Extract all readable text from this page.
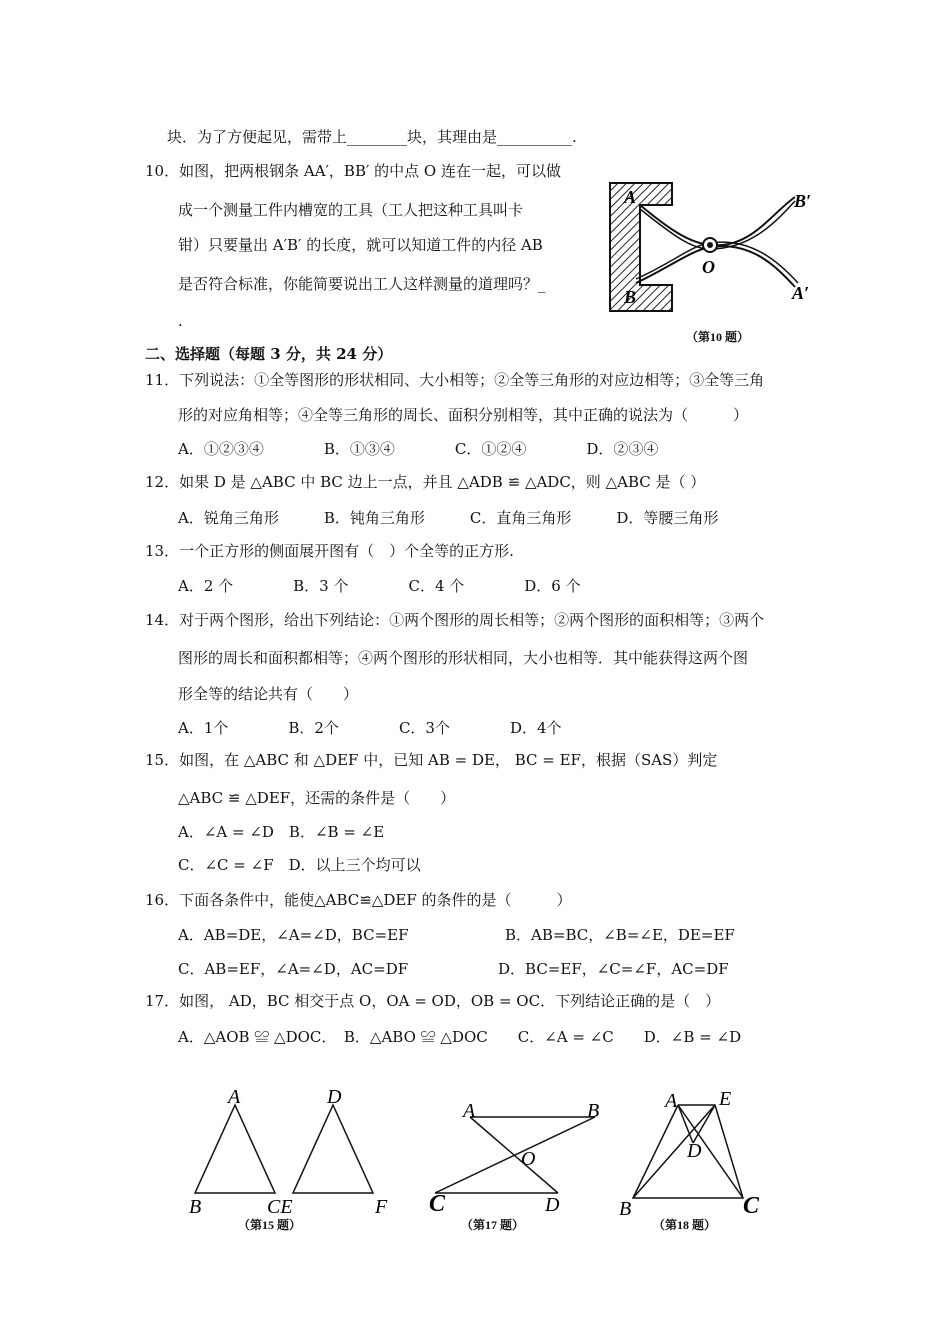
块．为了方便起见，需带上________块，其理由是__________.
10．如图，把两根钢条 AA′，BB′ 的中点 O 连在一起，可以做
成一个测量工件内槽宽的工具（工人把这种工具叫卡
钳）只要量出 A′B′ 的长度，就可以知道工件的内径 AB
是否符合标准，你能简要说出工人这样测量的道理吗？_
.
二、选择题（每题 3 分，共 24 分）
11．下列说法：①全等图形的形状相同、大小相等；②全等三角形的对应边相等；③全等三角
形的对应角相等；④全等三角形的周长、面积分别相等，其中正确的说法为（　　　）
A．①②③④　　　　B．①③④　　　　C．①②④　　　　D．②③④
12．如果 D 是 △ABC 中 BC 边上一点，并且 △ADB ≌ △ADC，则 △ABC 是（ ）
A．锐角三角形　　　B．钝角三角形　　　C．直角三角形　　　D．等腰三角形
13．一个正方形的侧面展开图有（　）个全等的正方形.
A．2 个　　　　B．3 个　　　　C．4 个　　　　D．6 个
14．对于两个图形，给出下列结论：①两个图形的周长相等；②两个图形的面积相等；③两个
图形的周长和面积都相等；④两个图形的形状相同，大小也相等．其中能获得这两个图
形全等的结论共有（　　）
A．1个　　　　B．2个　　　　C．3个　　　　D．4个
15．如图，在 △ABC 和 △DEF 中，已知 AB = DE， BC = EF，根据（SAS）判定
△ABC ≌ △DEF，还需的条件是（　　）
A．∠A = ∠D　B．∠B = ∠E
C．∠C = ∠F　D．以上三个均可以
16．下面各条件中，能使△ABC≌△DEF 的条件的是（　　　）
A．AB=DE，∠A=∠D，BC=EF	B．AB=BC，∠B=∠E，DE=EF
C．AB=EF，∠A=∠D，AC=DF	D．BC=EF，∠C=∠F，AC=DF
17．如图， AD，BC 相交于点 O，OA = OD，OB = OC．下列结论正确的是（　）
A．△AOB ≌ △DOC．　B．△ABO ≌ △DOC　　C．∠A = ∠C　　D．∠B = ∠D
A
B
O
B′
A′
（第10 题）
A
B	CE
D
F
（第15 题）
A	B
O
C	D
（第17 题）
A E
D
B	C
（第18 题）
